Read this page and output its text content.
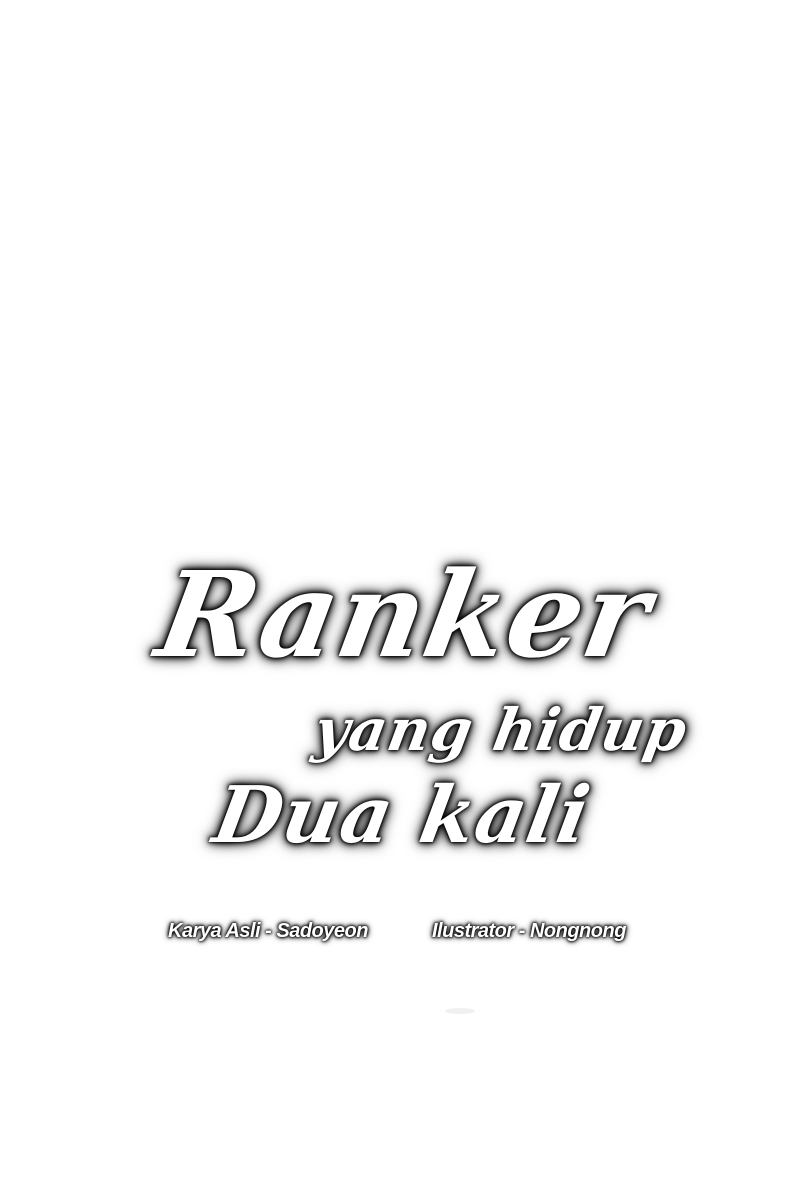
Ranker
yang hidup
Dua kali
Karya Asli - Sadoyeon	Ilustrator - Nongnong
